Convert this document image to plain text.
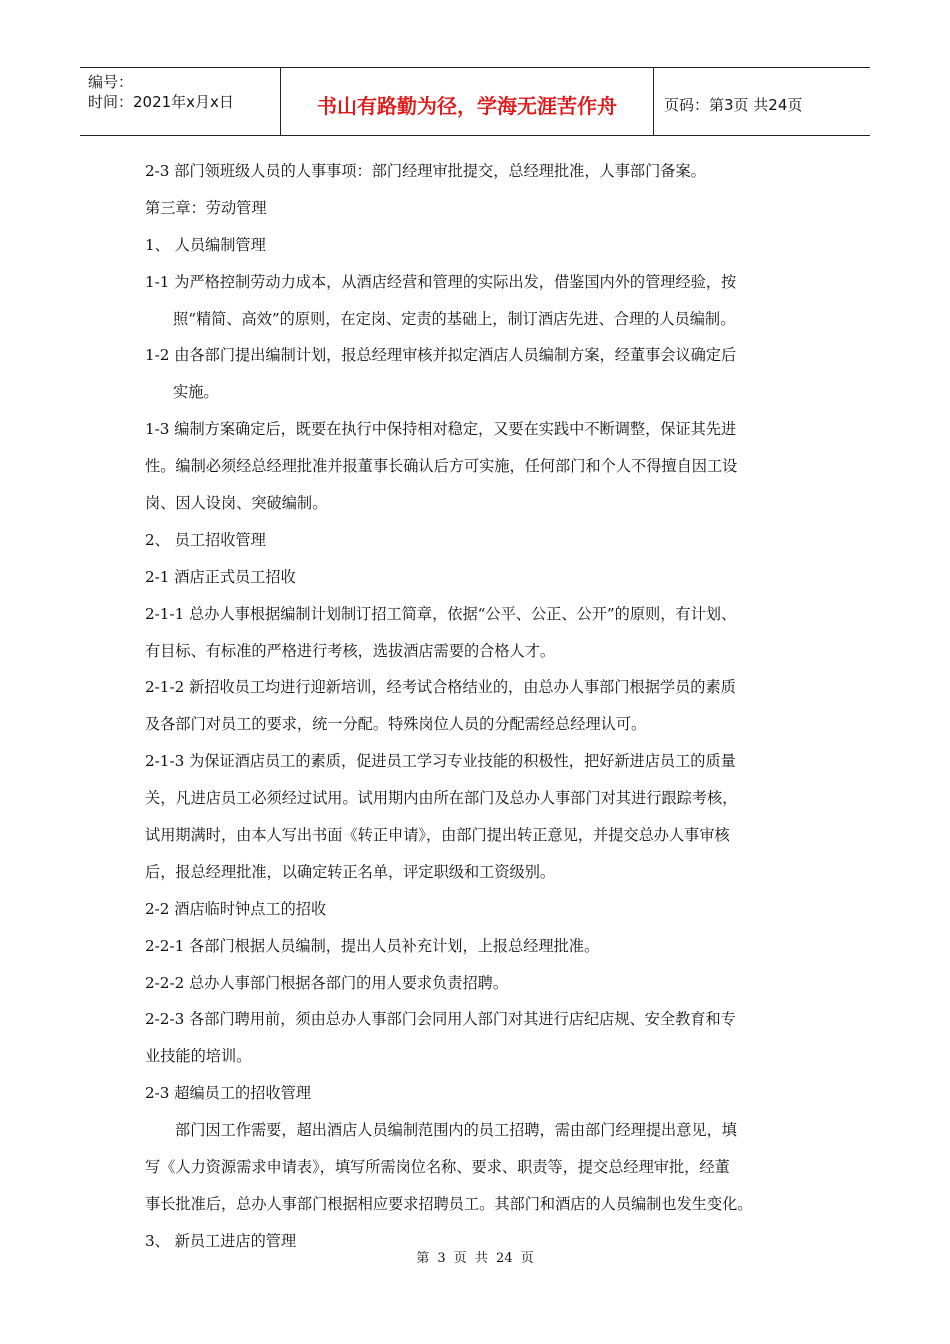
编号：
时间：2021年x月x日	书山有路勤为径，学海无涯苦作舟	页码：第3页 共24页
2-3 部门领班级人员的人事事项：部门经理审批提交，总经理批准，人事部门备案。
第三章：劳动管理
1、 人员编制管理
1-1 为严格控制劳动力成本，从酒店经营和管理的实际出发，借鉴国内外的管理经验，按
照“精简、高效”的原则，在定岗、定责的基础上，制订酒店先进、合理的人员编制。
1-2 由各部门提出编制计划，报总经理审核并拟定酒店人员编制方案，经董事会议确定后
实施。
1-3 编制方案确定后，既要在执行中保持相对稳定，又要在实践中不断调整，保证其先进
性。编制必须经总经理批准并报董事长确认后方可实施，任何部门和个人不得擅自因工设
岗、因人设岗、突破编制。
2、 员工招收管理
2-1 酒店正式员工招收
2-1-1 总办人事根据编制计划制订招工简章，依据“公平、公正、公开”的原则，有计划、
有目标、有标准的严格进行考核，选拔酒店需要的合格人才。
2-1-2 新招收员工均进行迎新培训，经考试合格结业的，由总办人事部门根据学员的素质
及各部门对员工的要求，统一分配。特殊岗位人员的分配需经总经理认可。
2-1-3 为保证酒店员工的素质，促进员工学习专业技能的积极性，把好新进店员工的质量
关，凡进店员工必须经过试用。试用期内由所在部门及总办人事部门对其进行跟踪考核，
试用期满时，由本人写出书面《转正申请》，由部门提出转正意见，并提交总办人事审核
后，报总经理批准，以确定转正名单，评定职级和工资级别。
2-2 酒店临时钟点工的招收
2-2-1 各部门根据人员编制，提出人员补充计划，上报总经理批准。
2-2-2 总办人事部门根据各部门的用人要求负责招聘。
2-2-3 各部门聘用前，须由总办人事部门会同用人部门对其进行店纪店规、安全教育和专
业技能的培训。
2-3 超编员工的招收管理
部门因工作需要，超出酒店人员编制范围内的员工招聘，需由部门经理提出意见，填
写《人力资源需求申请表》，填写所需岗位名称、要求、职责等，提交总经理审批，经董
事长批准后，总办人事部门根据相应要求招聘员工。其部门和酒店的人员编制也发生变化。
3、 新员工进店的管理
第 3 页 共 24 页
